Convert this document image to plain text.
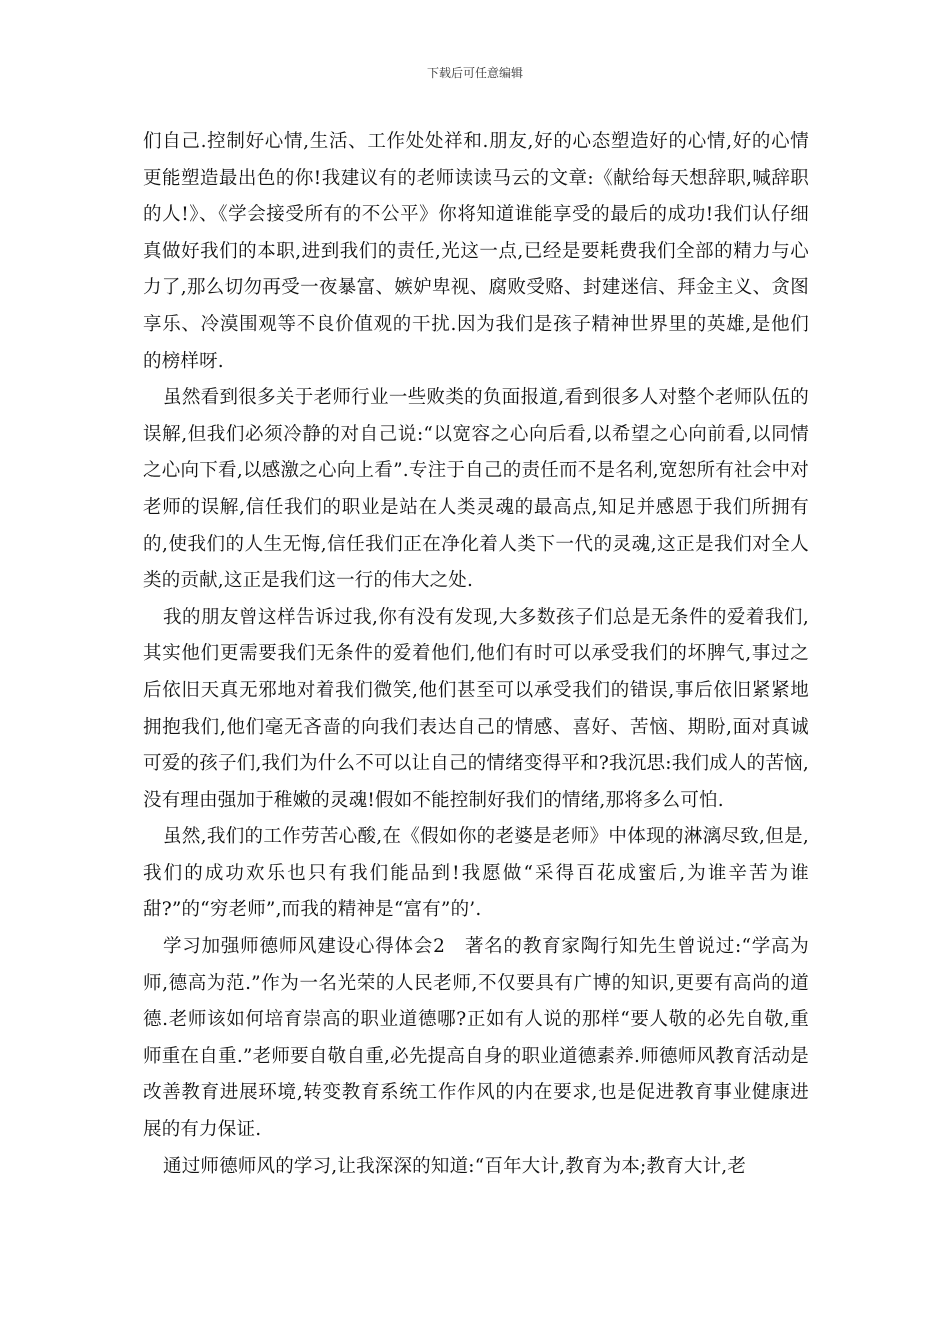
下载后可任意编辑

们自己.控制好心情,生活、工作处处祥和.朋友,好的心态塑造好的心情,好的心情更能塑造最出色的你!我建议有的老师读读马云的文章:《献给每天想辞职,喊辞职的人!》、《学会接受所有的不公平》你将知道谁能享受的最后的成功!我们认仔细真做好我们的本职,进到我们的责任,光这一点,已经是要耗费我们全部的精力与心力了,那么切勿再受一夜暴富、嫉妒卑视、腐败受赂、封建迷信、拜金主义、贪图享乐、冷漠围观等不良价值观的干扰.因为我们是孩子精神世界里的英雄,是他们的榜样呀.

虽然看到很多关于老师行业一些败类的负面报道,看到很多人对整个老师队伍的误解,但我们必须冷静的对自己说:“以宽容之心向后看,以希望之心向前看,以同情之心向下看,以感激之心向上看”.专注于自己的责任而不是名利,宽恕所有社会中对老师的误解,信任我们的职业是站在人类灵魂的最高点,知足并感恩于我们所拥有的,使我们的人生无悔,信任我们正在净化着人类下一代的灵魂,这正是我们对全人类的贡献,这正是我们这一行的伟大之处.

我的朋友曾这样告诉过我,你有没有发现,大多数孩子们总是无条件的爱着我们,其实他们更需要我们无条件的爱着他们,他们有时可以承受我们的坏脾气,事过之后依旧天真无邪地对着我们微笑,他们甚至可以承受我们的错误,事后依旧紧紧地拥抱我们,他们毫无吝啬的向我们表达自己的情感、喜好、苦恼、期盼,面对真诚可爱的孩子们,我们为什么不可以让自己的情绪变得平和?我沉思:我们成人的苦恼,没有理由强加于稚嫩的灵魂!假如不能控制好我们的情绪,那将多么可怕.

虽然,我们的工作劳苦心酸,在《假如你的老婆是老师》中体现的淋漓尽致,但是,我们的成功欢乐也只有我们能品到!我愿做“采得百花成蜜后,为谁辛苦为谁甜?”的“穷老师”,而我的精神是“富有”的’.

学习加强师德师风建设心得体会2　著名的教育家陶行知先生曾说过:“学高为师,德高为范.”作为一名光荣的人民老师,不仅要具有广博的知识,更要有高尚的道德.老师该如何培育崇高的职业道德哪?正如有人说的那样“要人敬的必先自敬,重师重在自重.”老师要自敬自重,必先提高自身的职业道德素养.师德师风教育活动是改善教育进展环境,转变教育系统工作作风的内在要求,也是促进教育事业健康进展的有力保证.

通过师德师风的学习,让我深深的知道:“百年大计,教育为本;教育大计,老
